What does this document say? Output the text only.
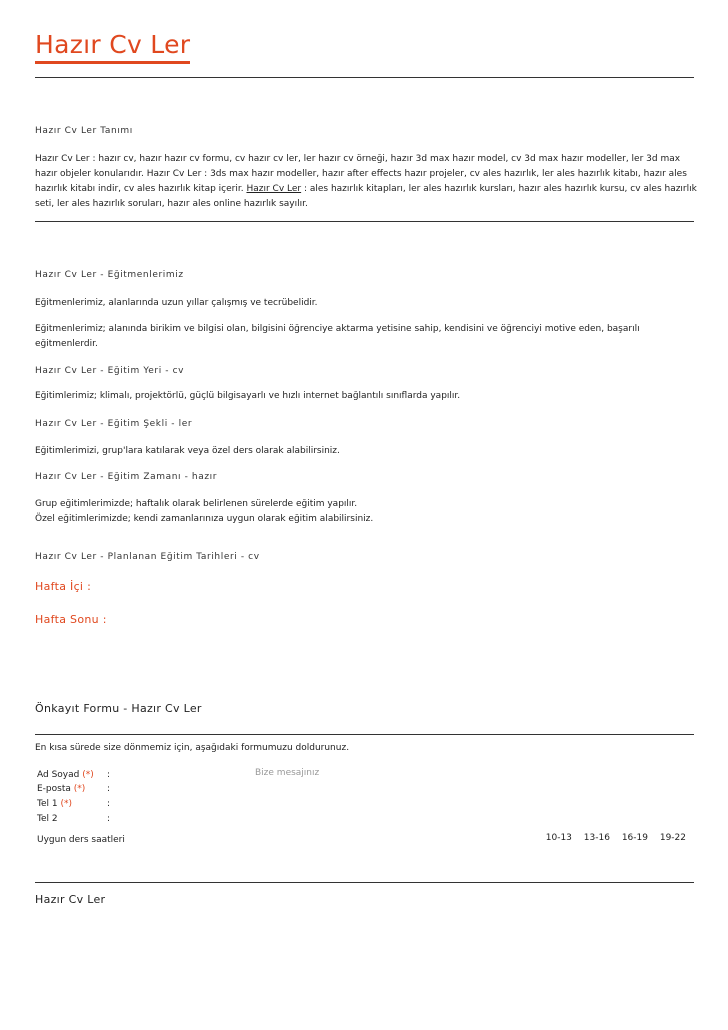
Hazır Cv Ler
Hazır Cv Ler Tanımı

Hazır Cv Ler : hazır cv, hazır hazır cv formu, cv hazır cv ler, ler hazır cv örneği, hazır 3d max hazır model, cv 3d max hazır modeller, ler 3d max hazır objeler konularıdır. Hazır Cv Ler : 3ds max hazır modeller, hazır after effects hazır projeler, cv ales hazırlık, ler ales hazırlık kitabı, hazır ales hazırlık kitabı indir, cv ales hazırlık kitap içerir. Hazır Cv Ler : ales hazırlık kitapları, ler ales hazırlık kursları, hazır ales hazırlık kursu, cv ales hazırlık seti, ler ales hazırlık soruları, hazır ales online hazırlık sayılır.

Hazır Cv Ler - Eğitmenlerimiz

Eğitmenlerimiz, alanlarında uzun yıllar çalışmış ve tecrübelidir.

Eğitmenlerimiz; alanında birikim ve bilgisi olan, bilgisini öğrenciye aktarma yetisine sahip, kendisini ve öğrenciyi motive eden, başarılı eğitmenlerdir.

Hazır Cv Ler - Eğitim Yeri - cv

Eğitimlerimiz; klimalı, projektörlü, güçlü bilgisayarlı ve hızlı internet bağlantılı sınıflarda yapılır.

Hazır Cv Ler - Eğitim Şekli - ler

Eğitimlerimizi, grup'lara katılarak veya özel ders olarak alabilirsiniz.

Hazır Cv Ler - Eğitim Zamanı - hazır

Grup eğitimlerimizde; haftalık olarak belirlenen sürelerde eğitim yapılır.

Özel eğitimlerimizde; kendi zamanlarınıza uygun olarak eğitim alabilirsiniz.

Hazır Cv Ler - Planlanan Eğitim Tarihleri - cv
Hafta İçi :
Hafta Sonu :
Önkayıt Formu - Hazır Cv Ler

En kısa sürede size dönmemiz için, aşağıdaki formumuzu doldurunuz.

Ad Soyad (*) :
E-posta (*) :
Tel 1 (*)	:
Tel 2	:
Bize mesajınız
Uygun ders saatleri	10-13 13-16 16-19 19-22
Hazır Cv Ler
